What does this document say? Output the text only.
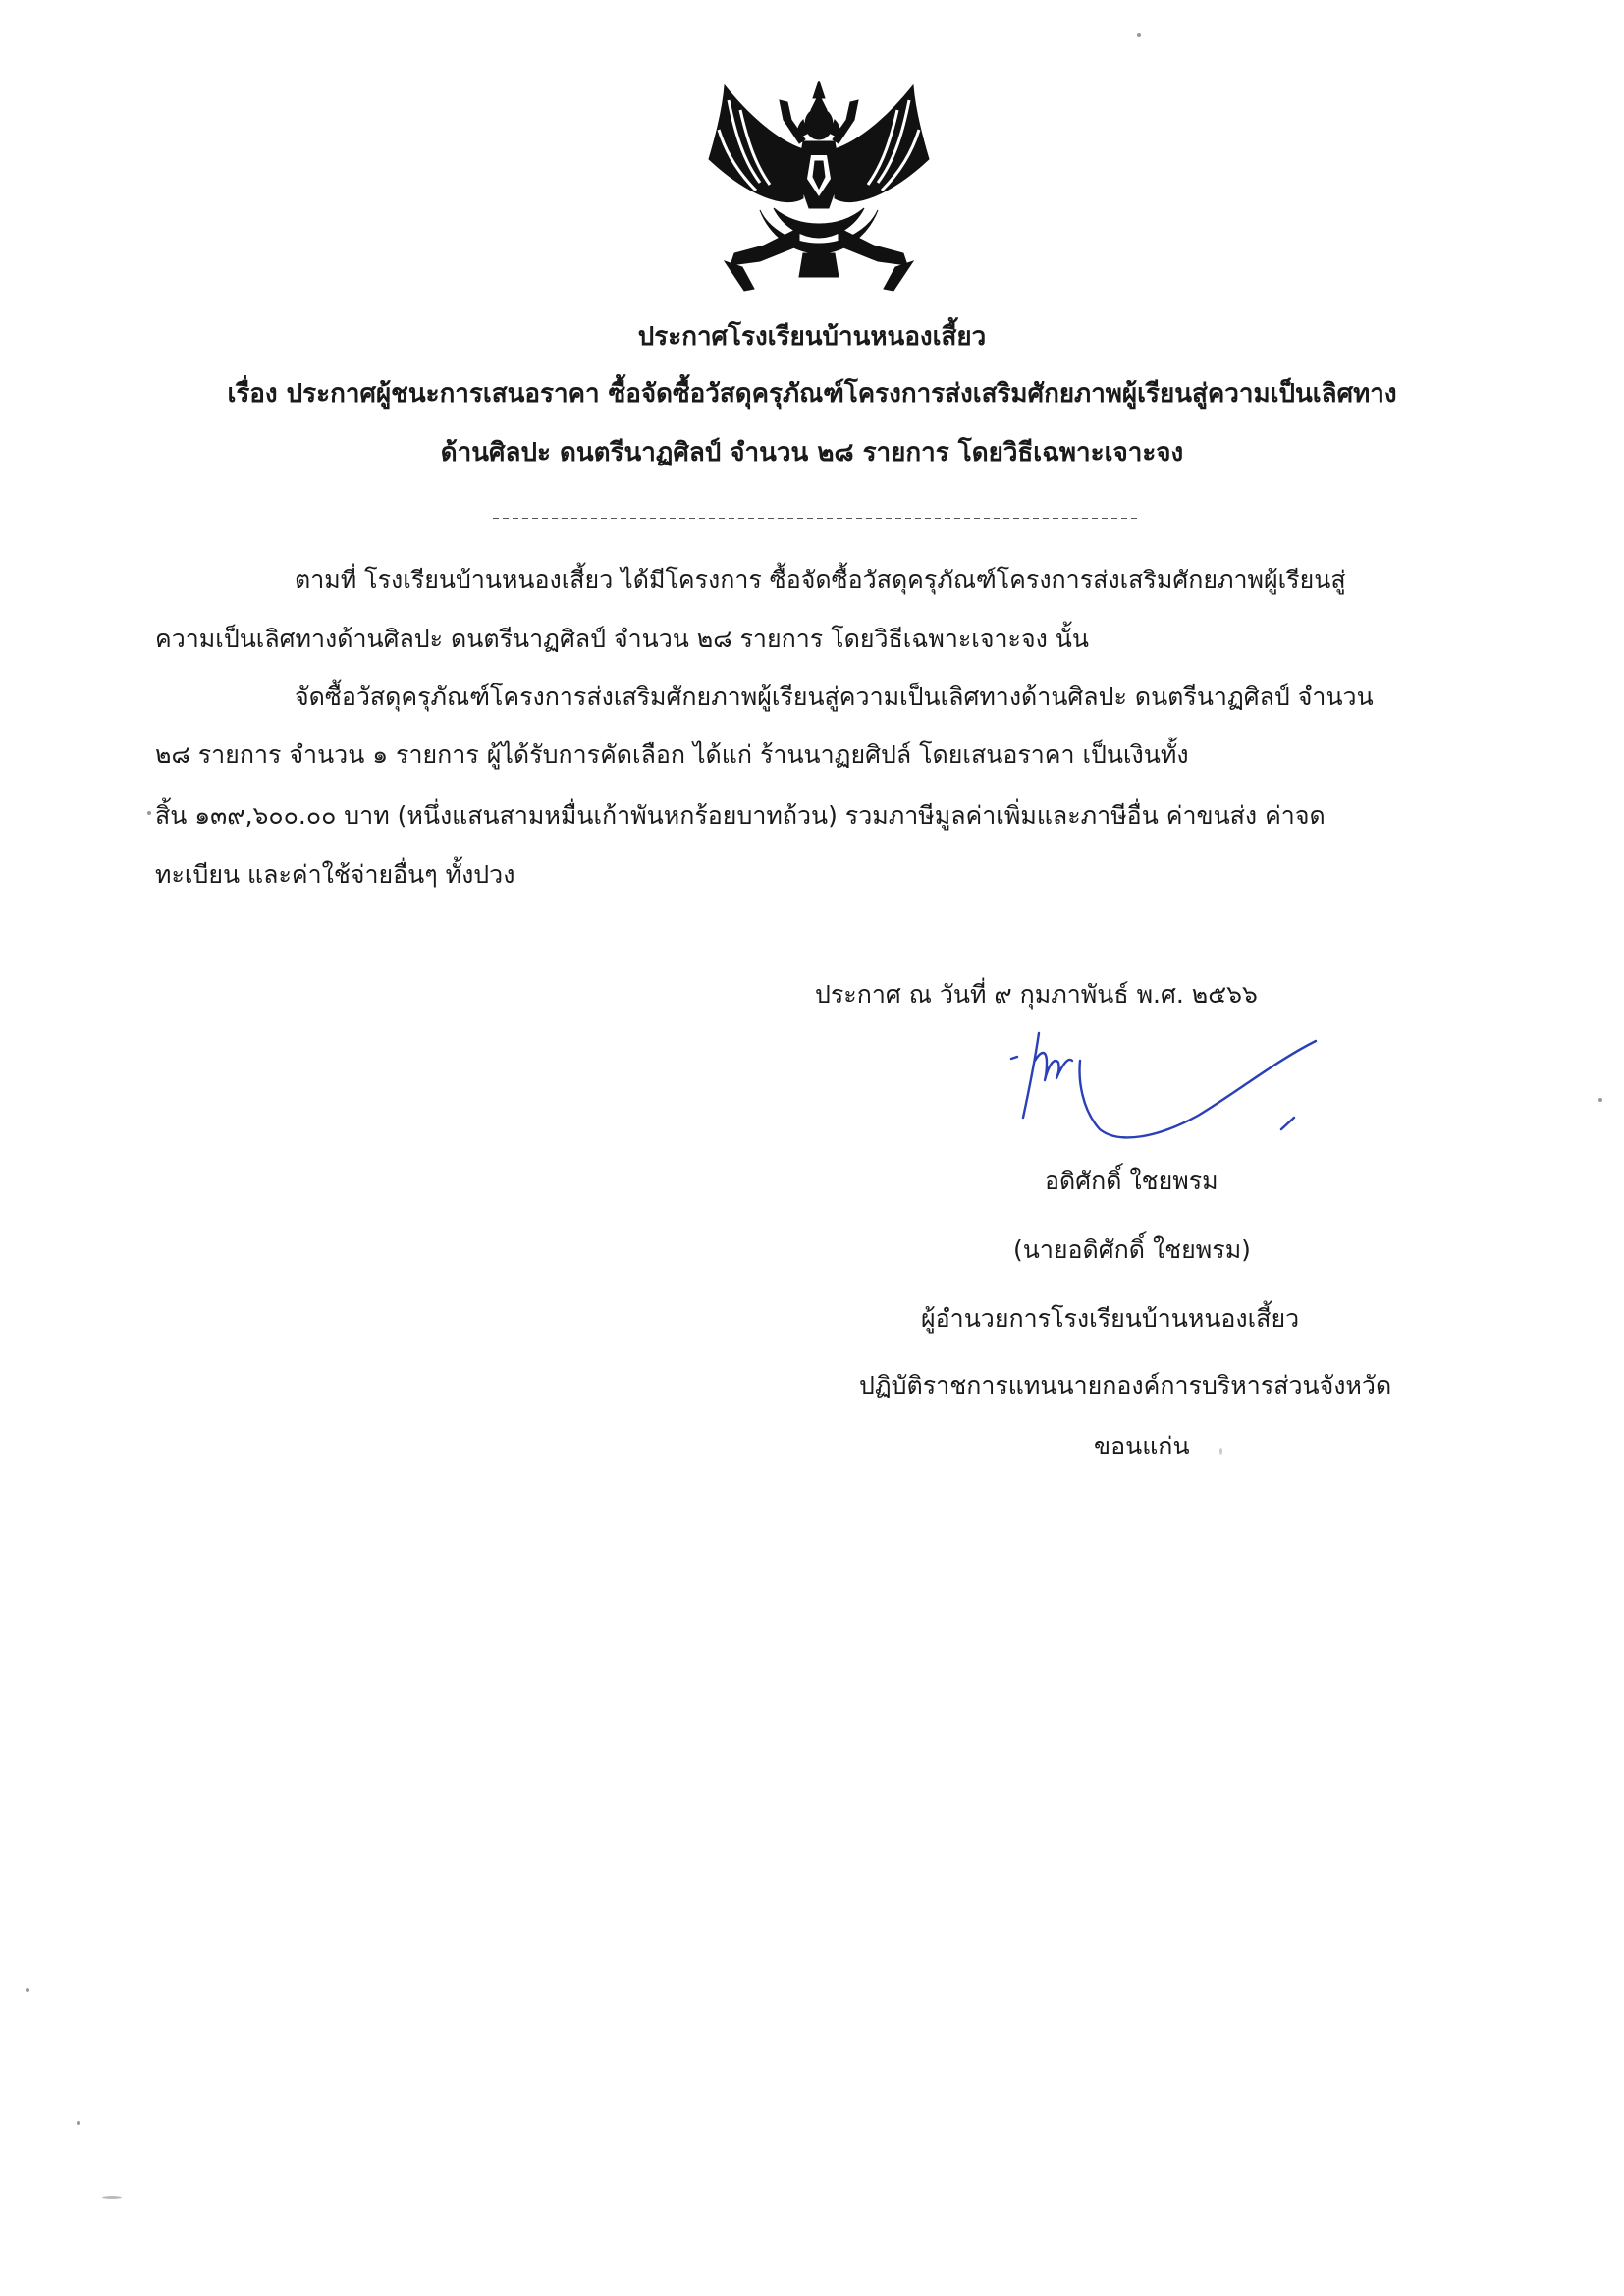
ประกาศโรงเรียนบ้านหนองเสี้ยว
เรื่อง ประกาศผู้ชนะการเสนอราคา ซื้อจัดซื้อวัสดุครุภัณฑ์โครงการส่งเสริมศักยภาพผู้เรียนสู่ความเป็นเลิศทาง
ด้านศิลปะ ดนตรีนาฏศิลป์ จำนวน ๒๘ รายการ โดยวิธีเฉพาะเจาะจง
ตามที่ โรงเรียนบ้านหนองเสี้ยว ได้มีโครงการ ซื้อจัดซื้อวัสดุครุภัณฑ์โครงการส่งเสริมศักยภาพผู้เรียนสู่
ความเป็นเลิศทางด้านศิลปะ ดนตรีนาฏศิลป์ จำนวน ๒๘ รายการ โดยวิธีเฉพาะเจาะจง นั้น
จัดซื้อวัสดุครุภัณฑ์โครงการส่งเสริมศักยภาพผู้เรียนสู่ความเป็นเลิศทางด้านศิลปะ ดนตรีนาฏศิลป์ จำนวน
๒๘ รายการ จำนวน ๑ รายการ ผู้ได้รับการคัดเลือก ได้แก่ ร้านนาฏยศิปล์ โดยเสนอราคา เป็นเงินทั้ง
สิ้น ๑๓๙,๖๐๐.๐๐ บาท (หนึ่งแสนสามหมื่นเก้าพันหกร้อยบาทถ้วน) รวมภาษีมูลค่าเพิ่มและภาษีอื่น ค่าขนส่ง ค่าจด
ทะเบียน และค่าใช้จ่ายอื่นๆ ทั้งปวง
ประกาศ ณ วันที่ ๙ กุมภาพันธ์ พ.ศ. ๒๕๖๖
อดิศักดิ์ ใชยพรม
(นายอดิศักดิ์ ใชยพรม)
ผู้อำนวยการโรงเรียนบ้านหนองเสี้ยว
ปฏิบัติราชการแทนนายกองค์การบริหารส่วนจังหวัด
ขอนแก่น
